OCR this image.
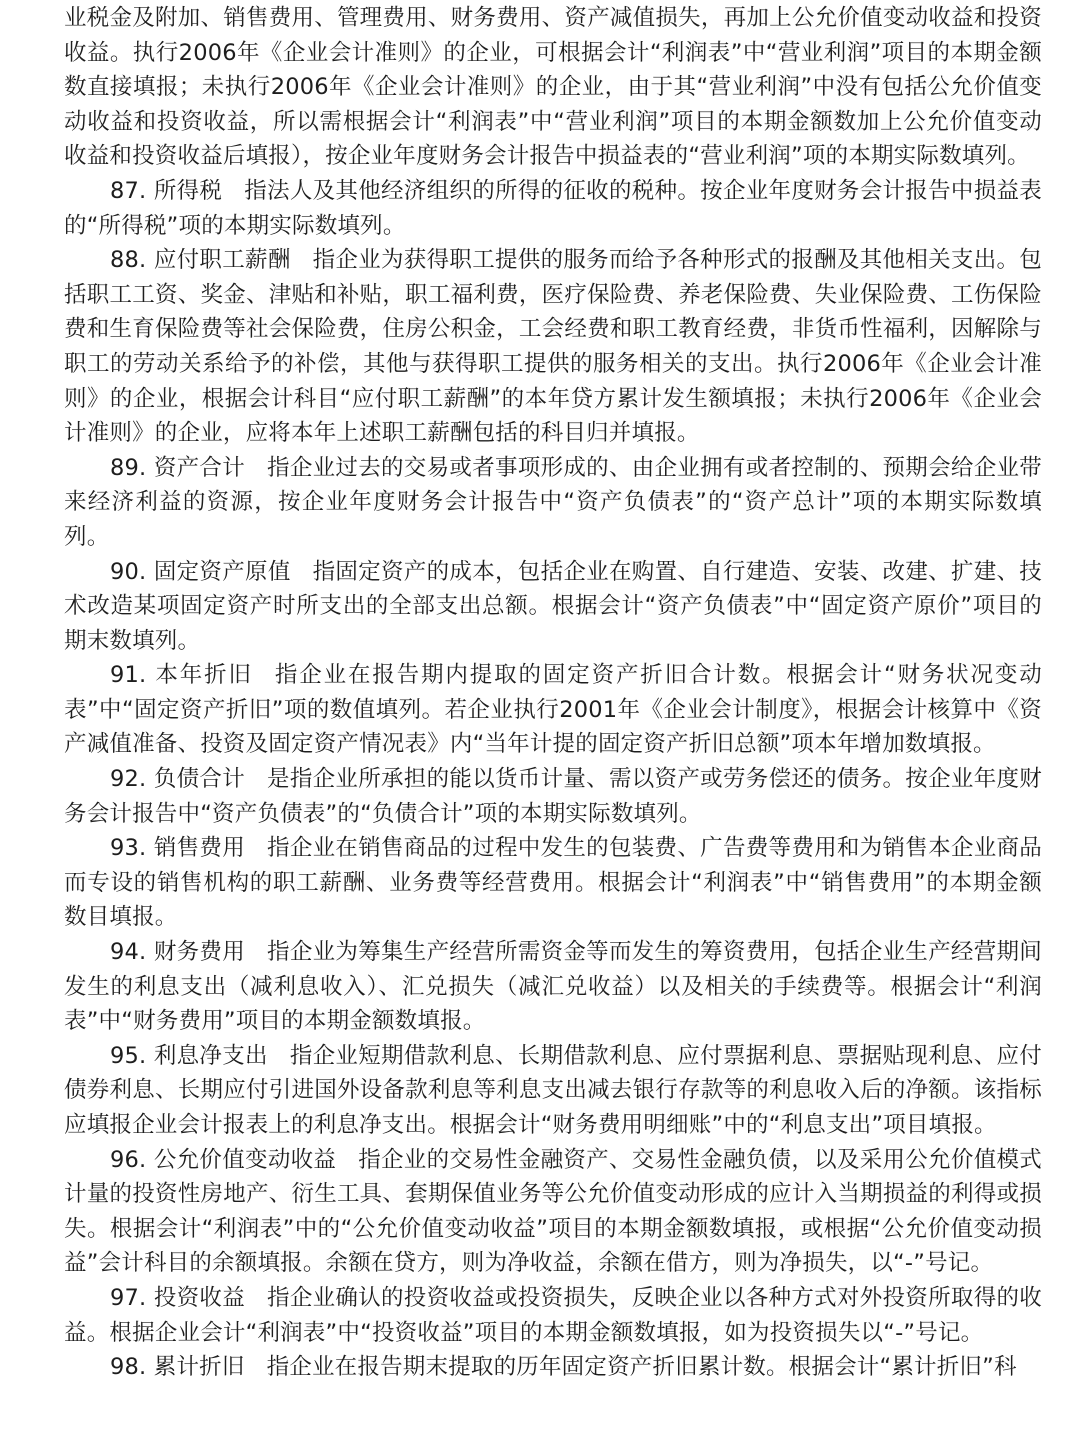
业税金及附加、销售费用、管理费用、财务费用、资产减值损失，再加上公允价值变动收益和投资收益。执行2006年《企业会计准则》的企业，可根据会计“利润表”中“营业利润”项目的本期金额数直接填报；未执行2006年《企业会计准则》的企业，由于其“营业利润”中没有包括公允价值变动收益和投资收益，所以需根据会计“利润表”中“营业利润”项目的本期金额数加上公允价值变动收益和投资收益后填报），按企业年度财务会计报告中损益表的“营业利润”项的本期实际数填列。

87. 所得税 指法人及其他经济组织的所得的征收的税种。按企业年度财务会计报告中损益表的“所得税”项的本期实际数填列。

88. 应付职工薪酬 指企业为获得职工提供的服务而给予各种形式的报酬及其他相关支出。包括职工工资、奖金、津贴和补贴，职工福利费，医疗保险费、养老保险费、失业保险费、工伤保险费和生育保险费等社会保险费，住房公积金，工会经费和职工教育经费，非货币性福利，因解除与职工的劳动关系给予的补偿，其他与获得职工提供的服务相关的支出。执行2006年《企业会计准则》的企业，根据会计科目“应付职工薪酬”的本年贷方累计发生额填报；未执行2006年《企业会计准则》的企业，应将本年上述职工薪酬包括的科目归并填报。

89. 资产合计 指企业过去的交易或者事项形成的、由企业拥有或者控制的、预期会给企业带来经济利益的资源，按企业年度财务会计报告中“资产负债表”的“资产总计”项的本期实际数填列。

90. 固定资产原值 指固定资产的成本，包括企业在购置、自行建造、安装、改建、扩建、技术改造某项固定资产时所支出的全部支出总额。根据会计“资产负债表”中“固定资产原价”项目的期末数填列。

91. 本年折旧 指企业在报告期内提取的固定资产折旧合计数。根据会计“财务状况变动表”中“固定资产折旧”项的数值填列。若企业执行2001年《企业会计制度》，根据会计核算中《资产减值准备、投资及固定资产情况表》内“当年计提的固定资产折旧总额”项本年增加数填报。

92. 负债合计 是指企业所承担的能以货币计量、需以资产或劳务偿还的债务。按企业年度财务会计报告中“资产负债表”的“负债合计”项的本期实际数填列。

93. 销售费用 指企业在销售商品的过程中发生的包装费、广告费等费用和为销售本企业商品而专设的销售机构的职工薪酬、业务费等经营费用。根据会计“利润表”中“销售费用”的本期金额数目填报。

94. 财务费用 指企业为筹集生产经营所需资金等而发生的筹资费用，包括企业生产经营期间发生的利息支出（减利息收入）、汇兑损失（减汇兑收益）以及相关的手续费等。根据会计“利润表”中“财务费用”项目的本期金额数填报。

95. 利息净支出 指企业短期借款利息、长期借款利息、应付票据利息、票据贴现利息、应付债券利息、长期应付引进国外设备款利息等利息支出减去银行存款等的利息收入后的净额。该指标应填报企业会计报表上的利息净支出。根据会计“财务费用明细账”中的“利息支出”项目填报。

96. 公允价值变动收益 指企业的交易性金融资产、交易性金融负债，以及采用公允价值模式计量的投资性房地产、衍生工具、套期保值业务等公允价值变动形成的应计入当期损益的利得或损失。根据会计“利润表”中的“公允价值变动收益”项目的本期金额数填报，或根据“公允价值变动损益”会计科目的余额填报。余额在贷方，则为净收益，余额在借方，则为净损失，以“-”号记。

97. 投资收益 指企业确认的投资收益或投资损失，反映企业以各种方式对外投资所取得的收益。根据企业会计“利润表”中“投资收益”项目的本期金额数填报，如为投资损失以“-”号记。

98. 累计折旧 指企业在报告期末提取的历年固定资产折旧累计数。根据会计“累计折旧”科
